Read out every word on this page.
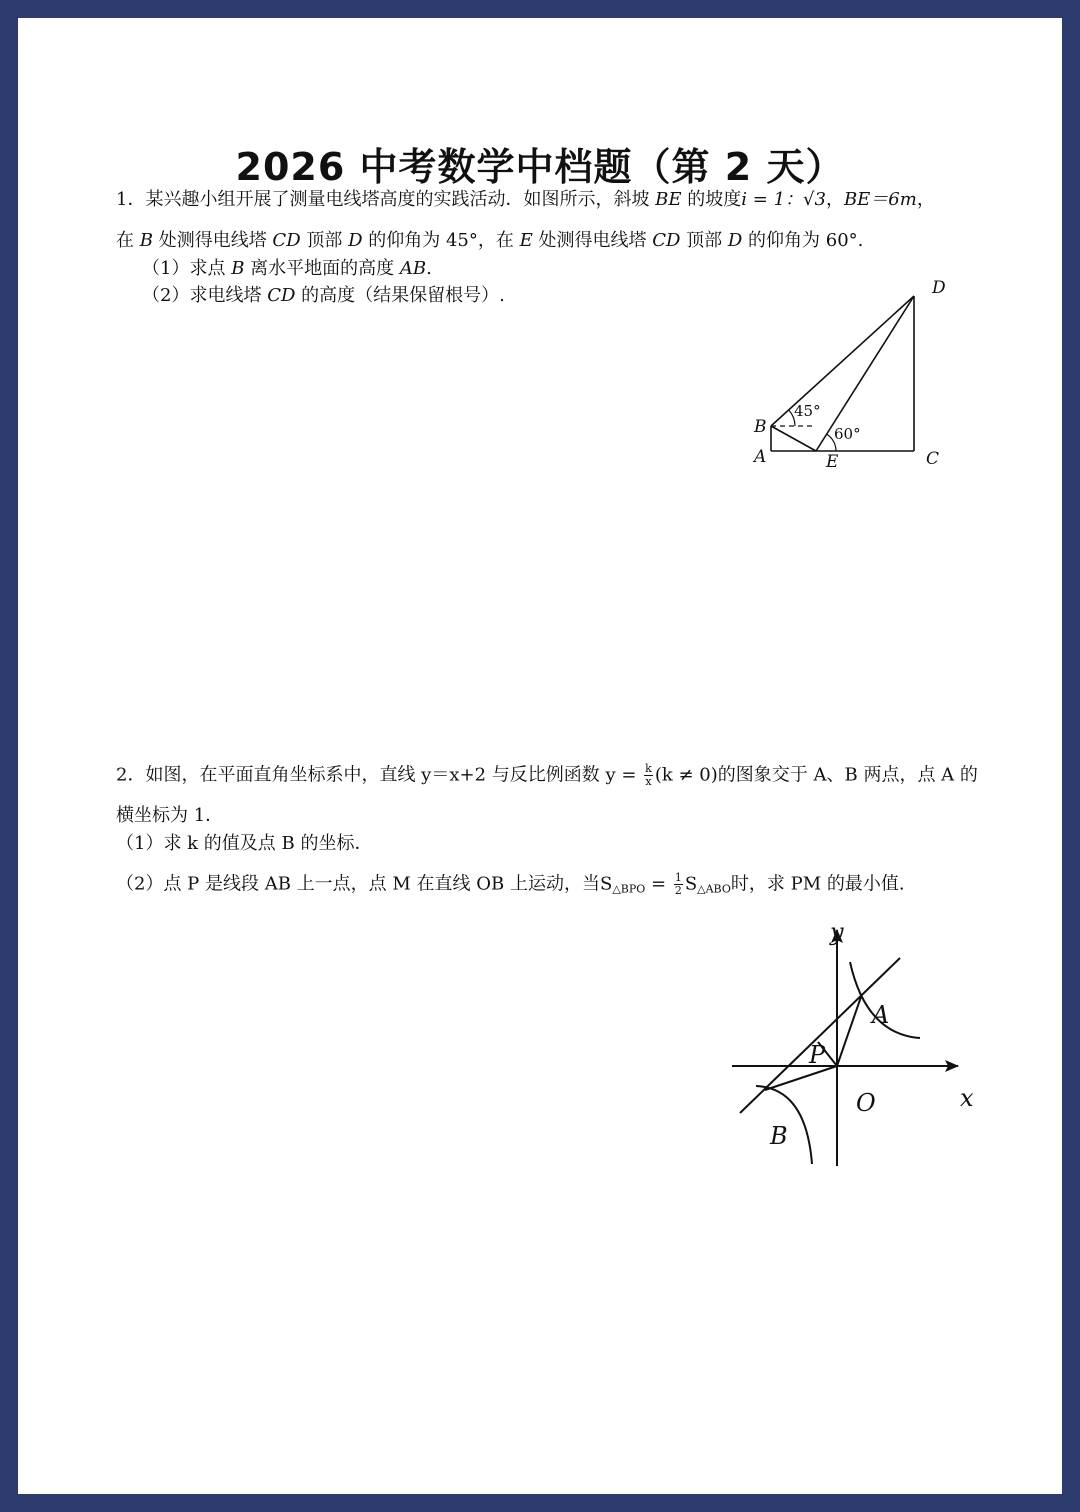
2026 中考数学中档题（第 2 天）
1．某兴趣小组开展了测量电线塔高度的实践活动．如图所示，斜坡 BE 的坡度i = 1：√3，BE＝6m，
在 B 处测得电线塔 CD 顶部 D 的仰角为 45°，在 E 处测得电线塔 CD 顶部 D 的仰角为 60°.
（1）求点 B 离水平地面的高度 AB.
（2）求电线塔 CD 的高度（结果保留根号）.
A
B
C
D
E
45°
60°
2．如图，在平面直角坐标系中，直线 y＝x+2 与反比例函数 $y = \frac{k}{x} (k \ne 0)$的图象交于 A、B 两点，点 A 的
横坐标为 1．
（1）求 k 的值及点 B 的坐标．
（2）点 P 是线段 AB 上一点，点 M 在直线 OB 上运动，当$S_{\triangle BPO} = \frac{1}{2} S_{\triangle ABO}$时，求 PM 的最小值.
y
x
A
P
O
B
